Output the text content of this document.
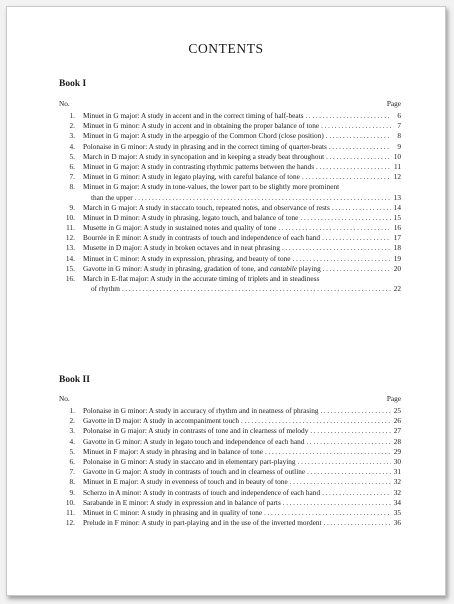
CONTENTS
Book I
No.	Page
1. Minuet in G major: A study in accent and in the correct timing of half-beats .....	6
2. Minuet in G minor: A study in accent and in obtaining the proper balance of tone .....	7
3. Minuet in G major: A study in the arpeggio of the Common Chord (close position) .....	8
4. Polonaise in G minor: A study in phrasing and in the correct timing of quarter-beats .....	9
5. March in D major: A study in syncopation and in keeping a steady beat throughout .....	10
6. Minuet in G major: A study in contrasting rhythmic patterns between the hands .....	11
7. Minuet in G minor: A study in legato playing, with careful balance of tone .....	12
8. Minuet in G major: A study in tone-values, the lower part to be slightly more prominent
than the upper .....	13
9. March in G major: A study in staccato touch, repeated notes, and observance of rests .....	14
10. Minuet in D minor: A study in phrasing, legato touch, and balance of tone .....	15
11. Musette in G major: A study in sustained notes and quality of tone .....	16
12. Bourrée in E minor: A study in contrasts of touch and independence of each hand .....	17
13. Musette in D major: A study in broken octaves and in neat phrasing .....	18
14. Minuet in C minor: A study in expression, phrasing, and beauty of tone .....	19
15. Gavotte in G minor: A study in phrasing, gradation of tone, and cantabile playing .....	20
16. March in E-flat major: A study in the accurate timing of triplets and in steadiness
of rhythm .....	22
Book II
No.	Page
1. Polonaise in G minor: A study in accuracy of rhythm and in neatness of phrasing .....	25
2. Gavotte in D major: A study in accompaniment touch .....	26
3. Polonaise in G major: A study in contrasts of tone and in clearness of melody .....	27
4. Gavotte in G minor: A study in legato touch and independence of each hand .....	28
5. Minuet in F major: A study in phrasing and in balance of tone .....	29
6. Polonaise in G minor: A study in staccato and in elementary part-playing .....	30
7. Gavotte in G major: A study in contrasts of touch and in clearness of outline .....	31
8. Minuet in E major: A study in evenness of touch and in beauty of tone .....	32
9. Scherzo in A minor: A study in contrasts of touch and independence of each hand .....	32
10. Sarabande in E minor: A study in expression and in balance of parts .....	34
11. Minuet in C minor: A study in phrasing and in quality of tone .....	35
12. Prelude in F minor: A study in part-playing and in the use of the inverted mordent .....	36
